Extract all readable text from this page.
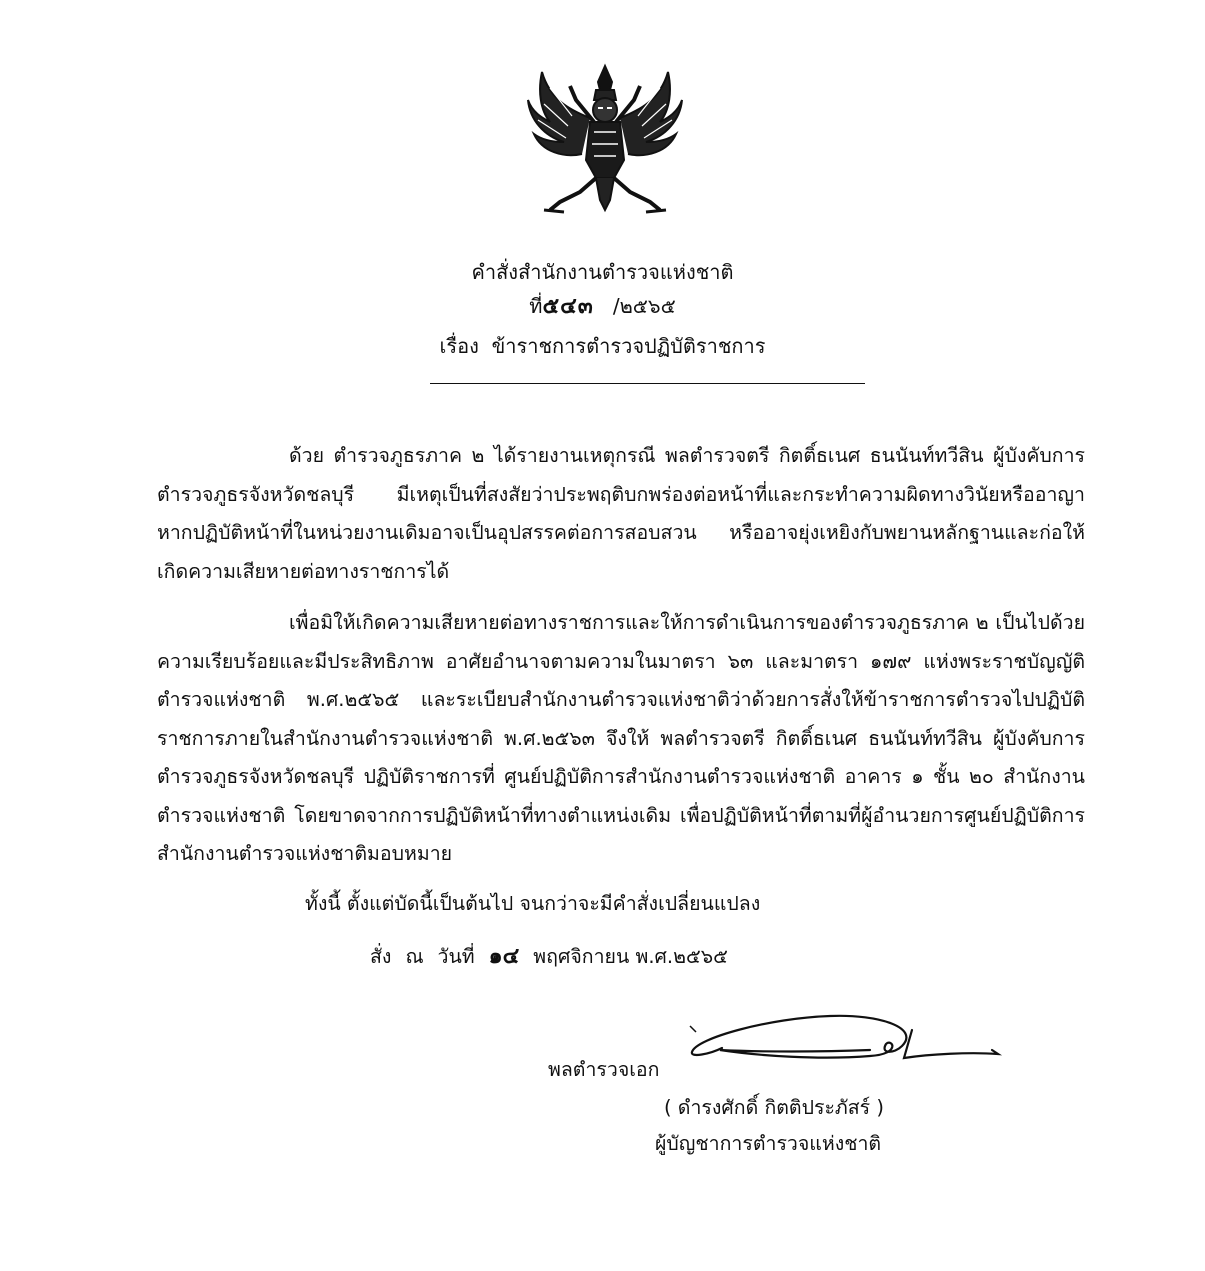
คำสั่งสำนักงานตำรวจแห่งชาติ
ที่๕๔๓ /๒๕๖๕
เรื่อง ข้าราชการตำรวจปฏิบัติราชการ
ด้วย ตำรวจภูธรภาค ๒ ได้รายงานเหตุกรณี พลตำรวจตรี กิตติ์ธเนศ ธนนันท์ทวีสิน ผู้บังคับการ ตำรวจภูธรจังหวัดชลบุรี มีเหตุเป็นที่สงสัยว่าประพฤติบกพร่องต่อหน้าที่และกระทำความผิดทางวินัยหรืออาญา หากปฏิบัติหน้าที่ในหน่วยงานเดิมอาจเป็นอุปสรรคต่อการสอบสวน หรืออาจยุ่งเหยิงกับพยานหลักฐานและก่อให้เกิดความเสียหายต่อทางราชการได้
เพื่อมิให้เกิดความเสียหายต่อทางราชการและให้การดำเนินการของตำรวจภูธรภาค ๒ เป็นไปด้วยความเรียบร้อยและมีประสิทธิภาพ อาศัยอำนาจตามความในมาตรา ๖๓ และมาตรา ๑๗๙ แห่งพระราชบัญญัติตำรวจแห่งชาติ พ.ศ.๒๕๖๕ และระเบียบสำนักงานตำรวจแห่งชาติว่าด้วยการสั่งให้ข้าราชการตำรวจไปปฏิบัติราชการภายในสำนักงานตำรวจแห่งชาติ พ.ศ.๒๕๖๓ จึงให้ พลตำรวจตรี กิตติ์ธเนศ ธนนันท์ทวีสิน ผู้บังคับการ ตำรวจภูธรจังหวัดชลบุรี ปฏิบัติราชการที่ ศูนย์ปฏิบัติการสำนักงานตำรวจแห่งชาติ อาคาร ๑ ชั้น ๒๐ สำนักงานตำรวจแห่งชาติ โดยขาดจากการปฏิบัติหน้าที่ทางตำแหน่งเดิม เพื่อปฏิบัติหน้าที่ตามที่ผู้อำนวยการศูนย์ปฏิบัติการสำนักงานตำรวจแห่งชาติมอบหมาย
ทั้งนี้ ตั้งแต่บัดนี้เป็นต้นไป จนกว่าจะมีคำสั่งเปลี่ยนแปลง
สั่ง ณ วันที่ ๑๔ พฤศจิกายน พ.ศ.๒๕๖๕
พลตำรวจเอก
( ดำรงศักดิ์ กิตติประภัสร์ )
ผู้บัญชาการตำรวจแห่งชาติ
